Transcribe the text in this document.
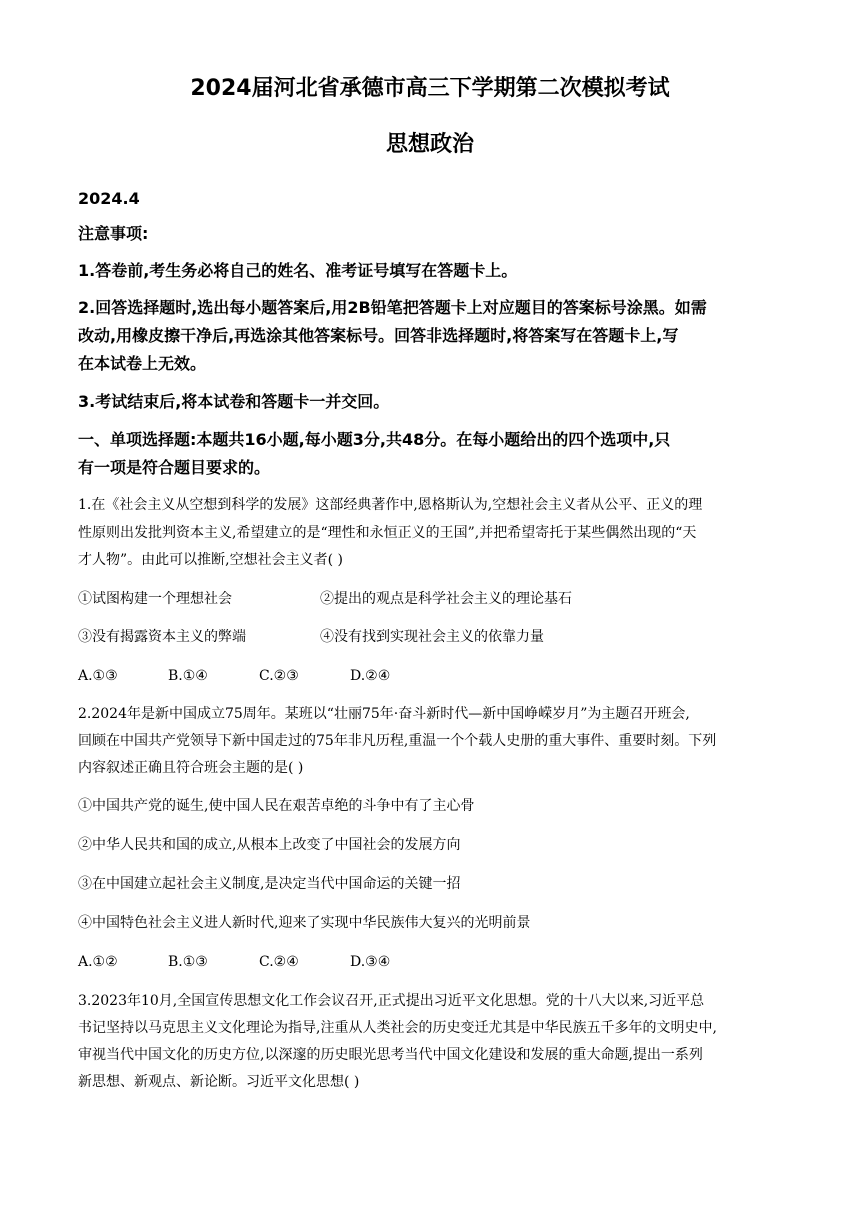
2024届河北省承德市高三下学期第二次模拟考试
思想政治

2024.4

注意事项:

1.答卷前,考生务必将自己的姓名、准考证号填写在答题卡上。

2.回答选择题时,选出每小题答案后,用2B铅笔把答题卡上对应题目的答案标号涂黑。如需

改动,用橡皮擦干净后,再选涂其他答案标号。回答非选择题时,将答案写在答题卡上,写

在本试卷上无效。

3.考试结束后,将本试卷和答题卡一并交回。

一、单项选择题:本题共16小题,每小题3分,共48分。在每小题给出的四个选项中,只

有一项是符合题目要求的。

1.在《社会主义从空想到科学的发展》这部经典著作中,恩格斯认为,空想社会主义者从公平、正义的理

性原则出发批判资本主义,希望建立的是“理性和永恒正义的王国”,并把希望寄托于某些偶然出现的“天

才人物”。由此可以推断,空想社会主义者( )

①试图构建一个理想社会	②提出的观点是科学社会主义的理论基石

③没有揭露资本主义的弊端	④没有找到实现社会主义的依靠力量

A.①③	B.①④	C.②③	D.②④

2.2024年是新中国成立75周年。某班以“壮丽75年·奋斗新时代—新中国峥嵘岁月”为主题召开班会,

回顾在中国共产党领导下新中国走过的75年非凡历程,重温一个个载人史册的重大事件、重要时刻。下列

内容叙述正确且符合班会主题的是( )

①中国共产党的诞生,使中国人民在艰苦卓绝的斗争中有了主心骨

②中华人民共和国的成立,从根本上改变了中国社会的发展方向

③在中国建立起社会主义制度,是决定当代中国命运的关键一招

④中国特色社会主义进人新时代,迎来了实现中华民族伟大复兴的光明前景

A.①②	B.①③	C.②④	D.③④

3.2023年10月,全国宣传思想文化工作会议召开,正式提出习近平文化思想。党的十八大以来,习近平总

书记坚持以马克思主义文化理论为指导,注重从人类社会的历史变迁尤其是中华民族五千多年的文明史中,

审视当代中国文化的历史方位,以深邃的历史眼光思考当代中国文化建设和发展的重大命题,提出一系列

新思想、新观点、新论断。习近平文化思想( )
